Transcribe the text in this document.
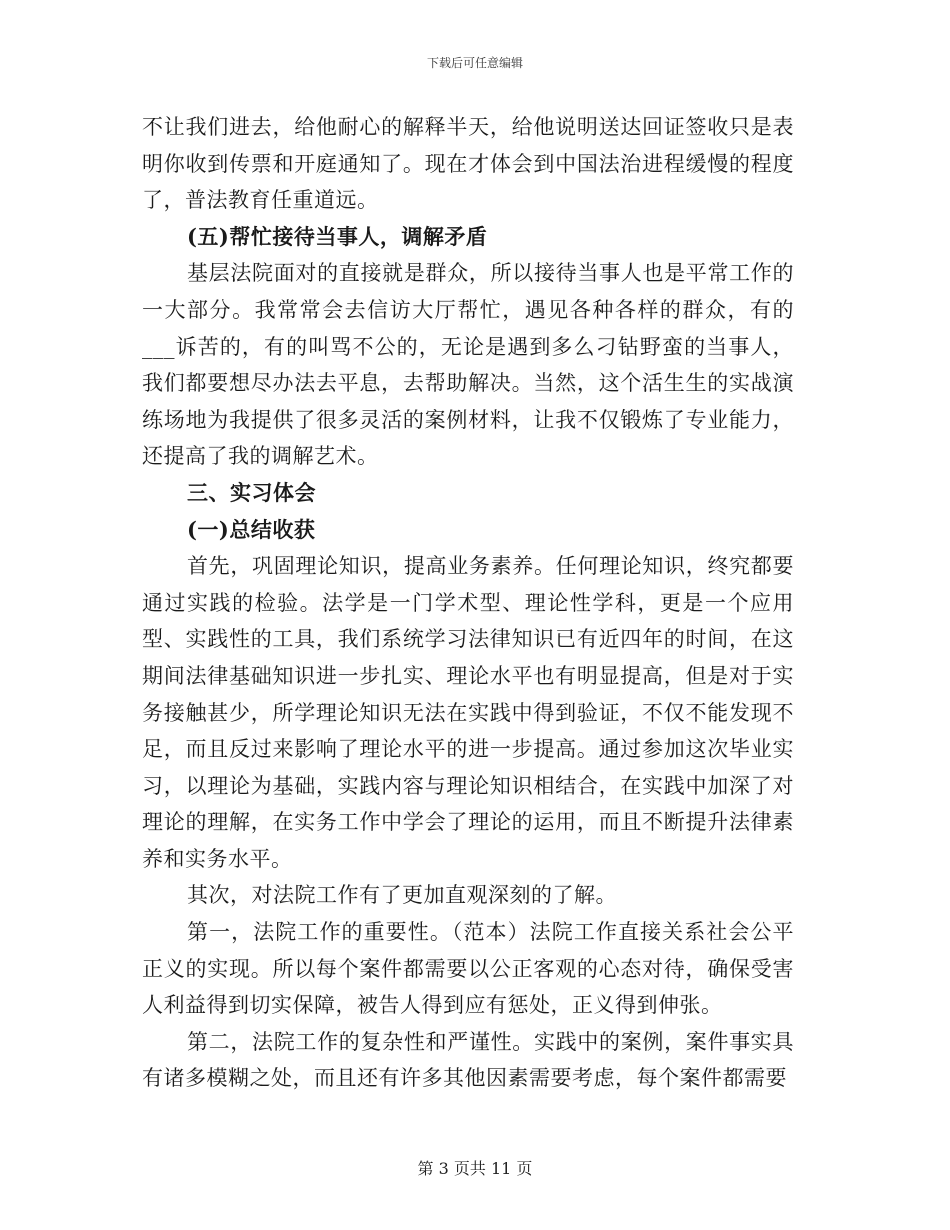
下载后可任意编辑

不让我们进去，给他耐心的解释半天，给他说明送达回证签收只是表明你收到传票和开庭通知了。现在才体会到中国法治进程缓慢的程度了，普法教育任重道远。

(五)帮忙接待当事人，调解矛盾

基层法院面对的直接就是群众，所以接待当事人也是平常工作的一大部分。我常常会去信访大厅帮忙，遇见各种各样的群众，有的___诉苦的，有的叫骂不公的，无论是遇到多么刁钻野蛮的当事人，我们都要想尽办法去平息，去帮助解决。当然，这个活生生的实战演练场地为我提供了很多灵活的案例材料，让我不仅锻炼了专业能力，还提高了我的调解艺术。

三、实习体会

(一)总结收获

首先，巩固理论知识，提高业务素养。任何理论知识，终究都要通过实践的检验。法学是一门学术型、理论性学科，更是一个应用型、实践性的工具，我们系统学习法律知识已有近四年的时间，在这期间法律基础知识进一步扎实、理论水平也有明显提高，但是对于实务接触甚少，所学理论知识无法在实践中得到验证，不仅不能发现不足，而且反过来影响了理论水平的进一步提高。通过参加这次毕业实习，以理论为基础，实践内容与理论知识相结合，在实践中加深了对理论的理解，在实务工作中学会了理论的运用，而且不断提升法律素养和实务水平。

其次，对法院工作有了更加直观深刻的了解。

第一，法院工作的重要性。（范本）法院工作直接关系社会公平正义的实现。所以每个案件都需要以公正客观的心态对待，确保受害人利益得到切实保障，被告人得到应有惩处，正义得到伸张。

第二，法院工作的复杂性和严谨性。实践中的案例，案件事实具有诸多模糊之处，而且还有许多其他因素需要考虑，每个案件都需要

第 3 页共 11 页
